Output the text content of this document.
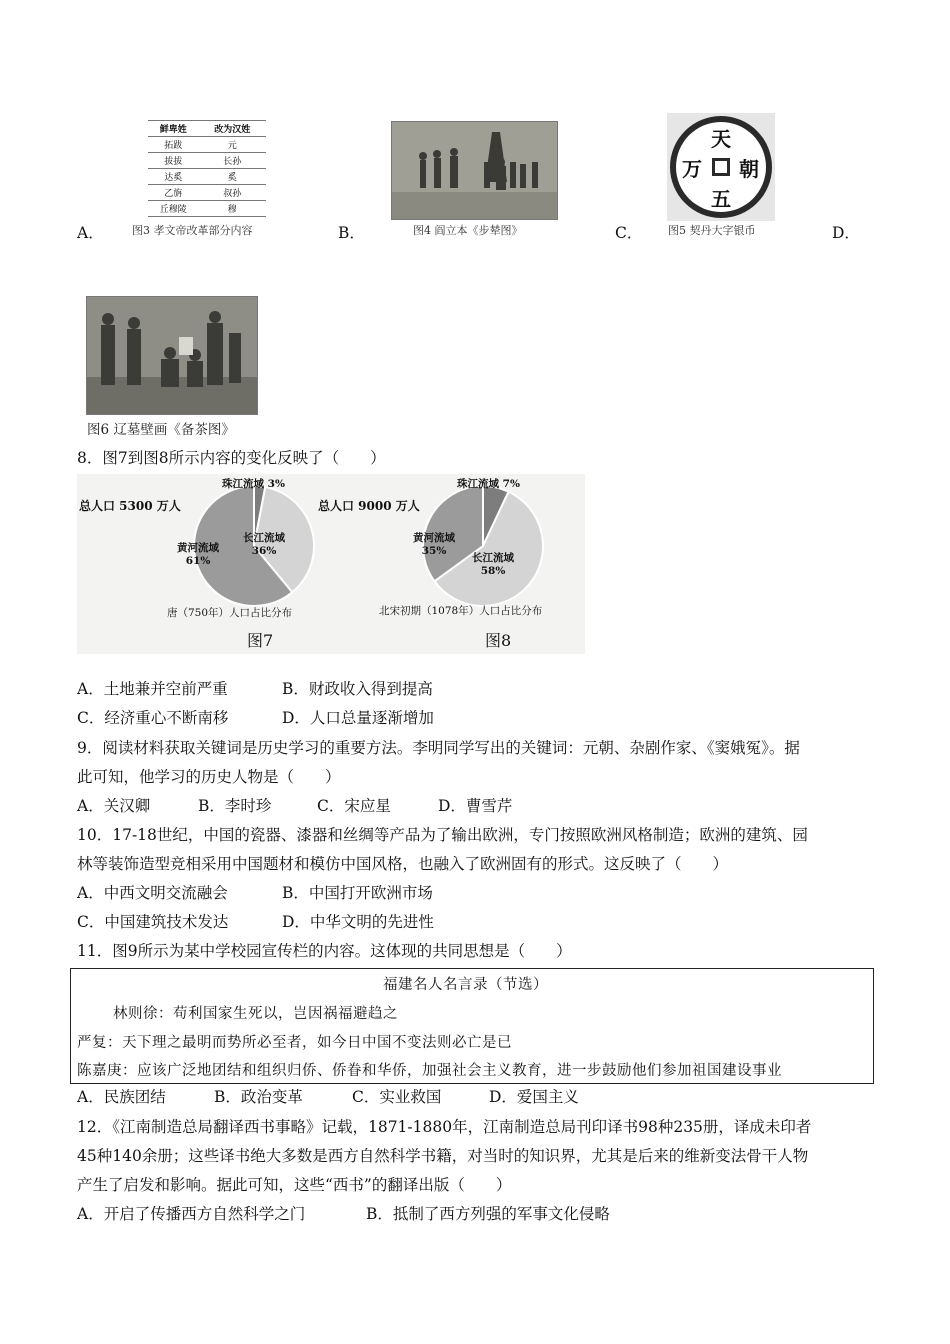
鲜卑姓	改为汉姓
拓跋	元
拔拔	长孙
达奚	奚
乙旃	叔孙
丘穆陵	穆
A．	图3 孝文帝改革部分内容	B．	图4 阎立本《步辇图》	C．
天
朝
万
五
图5 契丹大字银币	D．
图6 辽墓壁画《备茶图》
8．图7到图8所示内容的变化反映了（　　）
总人口 5300 万人
珠江流域 3%
长江流域
36%
黄河流域
61%
唐（750年）人口占比分布
图7
总人口 9000 万人
珠江流域 7%
长江流域
58%
黄河流域
35%
北宋初期（1078年）人口占比分布
图8
A．土地兼并空前严重	B．财政收入得到提高
C．经济重心不断南移	D．人口总量逐渐增加
9．阅读材料获取关键词是历史学习的重要方法。李明同学写出的关键词：元朝、杂剧作家、《窦娥冤》。据
此可知，他学习的历史人物是（　　）
A．关汉卿	B．李时珍	C．宋应星	D．曹雪芹
10．17-18世纪，中国的瓷器、漆器和丝绸等产品为了输出欧洲，专门按照欧洲风格制造；欧洲的建筑、园
林等装饰造型竞相采用中国题材和模仿中国风格，也融入了欧洲固有的形式。这反映了（　　）
A．中西文明交流融会	B．中国打开欧洲市场
C．中国建筑技术发达	D．中华文明的先进性
11．图9所示为某中学校园宣传栏的内容。这体现的共同思想是（　　）
福建名人名言录（节选）
林则徐：苟利国家生死以，岂因祸福避趋之
严复：天下理之最明而势所必至者，如今日中国不变法则必亡是已
陈嘉庚：应该广泛地团结和组织归侨、侨眷和华侨，加强社会主义教育，进一步鼓励他们参加祖国建设事业
A．民族团结	B．政治变革	C．实业救国	D．爱国主义
12．《江南制造总局翻译西书事略》记载，1871-1880年，江南制造总局刊印译书98种235册，译成未印者
45种140余册；这些译书绝大多数是西方自然科学书籍，对当时的知识界，尤其是后来的维新变法骨干人物
产生了启发和影响。据此可知，这些“西书”的翻译出版（　　）
A．开启了传播西方自然科学之门	B．抵制了西方列强的军事文化侵略
